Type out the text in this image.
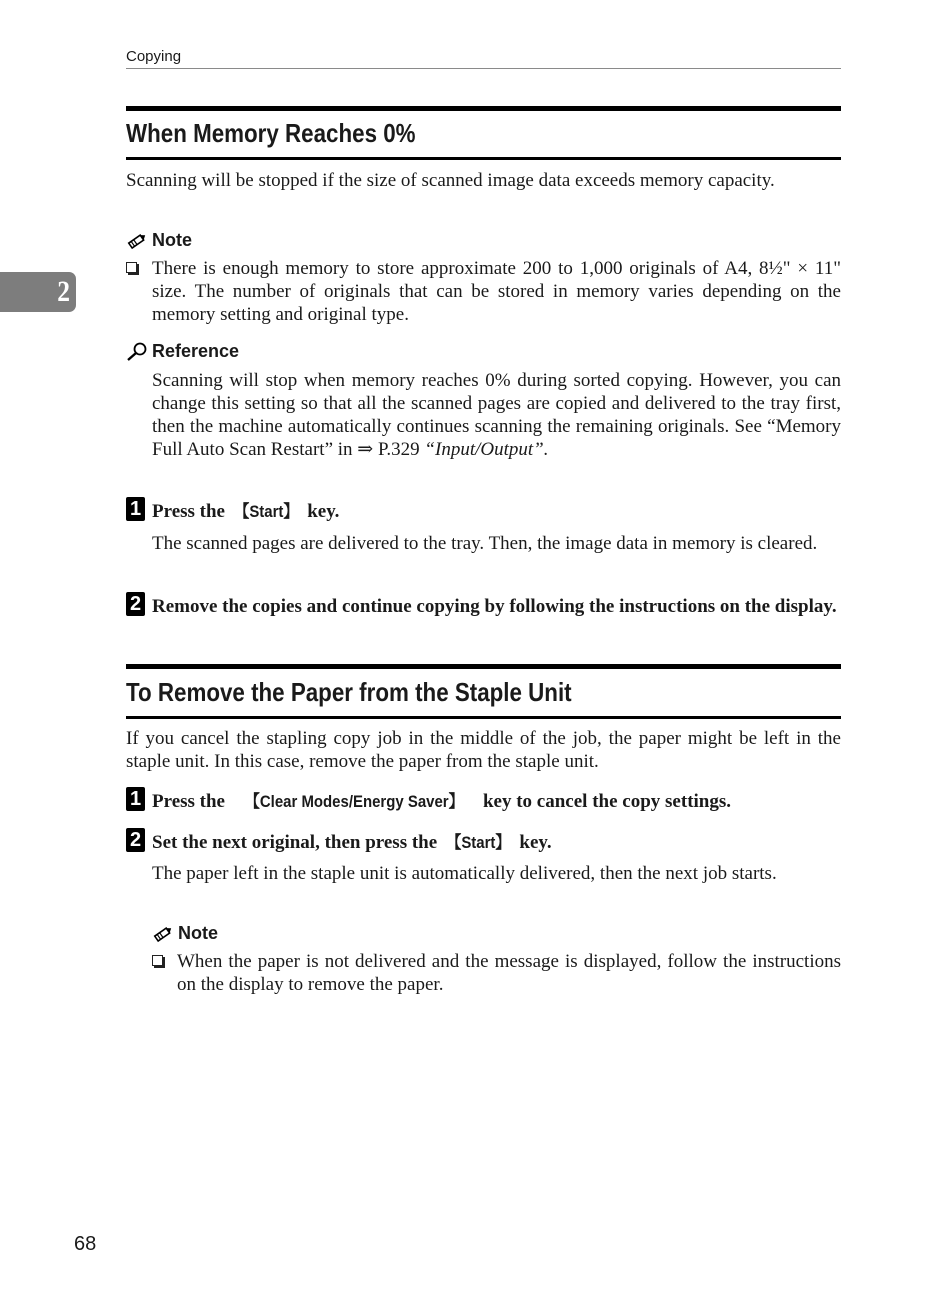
Copying
2
When Memory Reaches 0%
Scanning will be stopped if the size of scanned image data exceeds memory capacity.
Note
There is enough memory to store approximate 200 to 1,000 originals of A4, 8½" × 11" size. The number of originals that can be stored in memory varies depending on the memory setting and original type.
Reference
Scanning will stop when memory reaches 0% during sorted copying. However, you can change this setting so that all the scanned pages are copied and delivered to the tray first, then the machine automatically continues scanning the remaining originals. See “Memory Full Auto Scan Restart” in ⇒ P.329 “Input/Output”.
1 Press the 【Start】 key.
The scanned pages are delivered to the tray. Then, the image data in memory is cleared.
2 Remove the copies and continue copying by following the instructions on the display.
To Remove the Paper from the Staple Unit
If you cancel the stapling copy job in the middle of the job, the paper might be left in the staple unit. In this case, remove the paper from the staple unit.
1 Press the 【Clear Modes/Energy Saver】 key to cancel the copy settings.
2 Set the next original, then press the 【Start】 key.
The paper left in the staple unit is automatically delivered, then the next job starts.
Note
When the paper is not delivered and the message is displayed, follow the instructions on the display to remove the paper.
68
